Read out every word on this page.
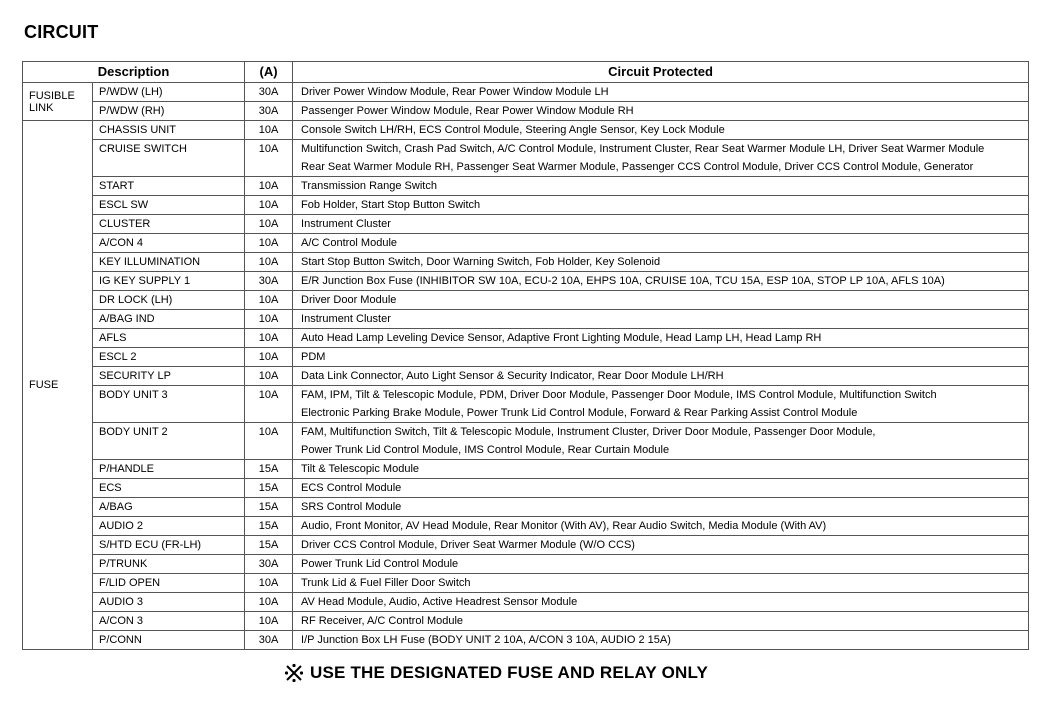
CIRCUIT
Description		(A)	Circuit Protected

FUSIBLE
LINK	P/WDW (LH)	30A	Driver Power Window Module, Rear Power Window Module LH

	P/WDW (RH)	30A	Passenger Power Window Module, Rear Power Window Module RH

FUSE	CHASSIS UNIT	10A	Console Switch LH/RH, ECS Control Module, Steering Angle Sensor, Key Lock Module

	CRUISE SWITCH	10A	Multifunction Switch, Crash Pad Switch, A/C Control Module, Instrument Cluster, Rear Seat Warmer Module LH, Driver Seat Warmer Module
Rear Seat Warmer Module RH, Passenger Seat Warmer Module, Passenger CCS Control Module, Driver CCS Control Module, Generator

	START	10A	Transmission Range Switch

	ESCL SW	10A	Fob Holder, Start Stop Button Switch

	CLUSTER	10A	Instrument Cluster

	A/CON 4	10A	A/C Control Module

	KEY ILLUMINATION	10A	Start Stop Button Switch, Door Warning Switch, Fob Holder, Key Solenoid

	IG KEY SUPPLY 1	30A	E/R Junction Box Fuse (INHIBITOR SW 10A, ECU-2 10A, EHPS 10A, CRUISE 10A, TCU 15A, ESP 10A, STOP LP 10A, AFLS 10A)

	DR LOCK (LH)	10A	Driver Door Module

	A/BAG IND	10A	Instrument Cluster

	AFLS	10A	Auto Head Lamp Leveling Device Sensor, Adaptive Front Lighting Module, Head Lamp LH, Head Lamp RH

	ESCL 2	10A	PDM

	SECURITY LP	10A	Data Link Connector, Auto Light Sensor & Security Indicator, Rear Door Module LH/RH

	BODY UNIT 3	10A	FAM, IPM, Tilt & Telescopic Module, PDM, Driver Door Module, Passenger Door Module, IMS Control Module, Multifunction Switch
Electronic Parking Brake Module, Power Trunk Lid Control Module, Forward & Rear Parking Assist Control Module

	BODY UNIT 2	10A	FAM, Multifunction Switch, Tilt & Telescopic Module, Instrument Cluster, Driver Door Module, Passenger Door Module,
Power Trunk Lid Control Module, IMS Control Module, Rear Curtain Module

	P/HANDLE	15A	Tilt & Telescopic Module

	ECS	15A	ECS Control Module

	A/BAG	15A	SRS Control Module

	AUDIO 2	15A	Audio, Front Monitor, AV Head Module, Rear Monitor (With AV), Rear Audio Switch, Media Module (With AV)

	S/HTD ECU (FR-LH)	15A	Driver CCS Control Module, Driver Seat Warmer Module (W/O CCS)

	P/TRUNK	30A	Power Trunk Lid Control Module

	F/LID OPEN	10A	Trunk Lid & Fuel Filler Door Switch

	AUDIO 3	10A	AV Head Module, Audio, Active Headrest Sensor Module

	A/CON 3	10A	RF Receiver, A/C Control Module

	P/CONN	30A	I/P Junction Box LH Fuse (BODY UNIT 2 10A, A/CON 3 10A, AUDIO 2 15A)
USE THE DESIGNATED FUSE AND RELAY ONLY
